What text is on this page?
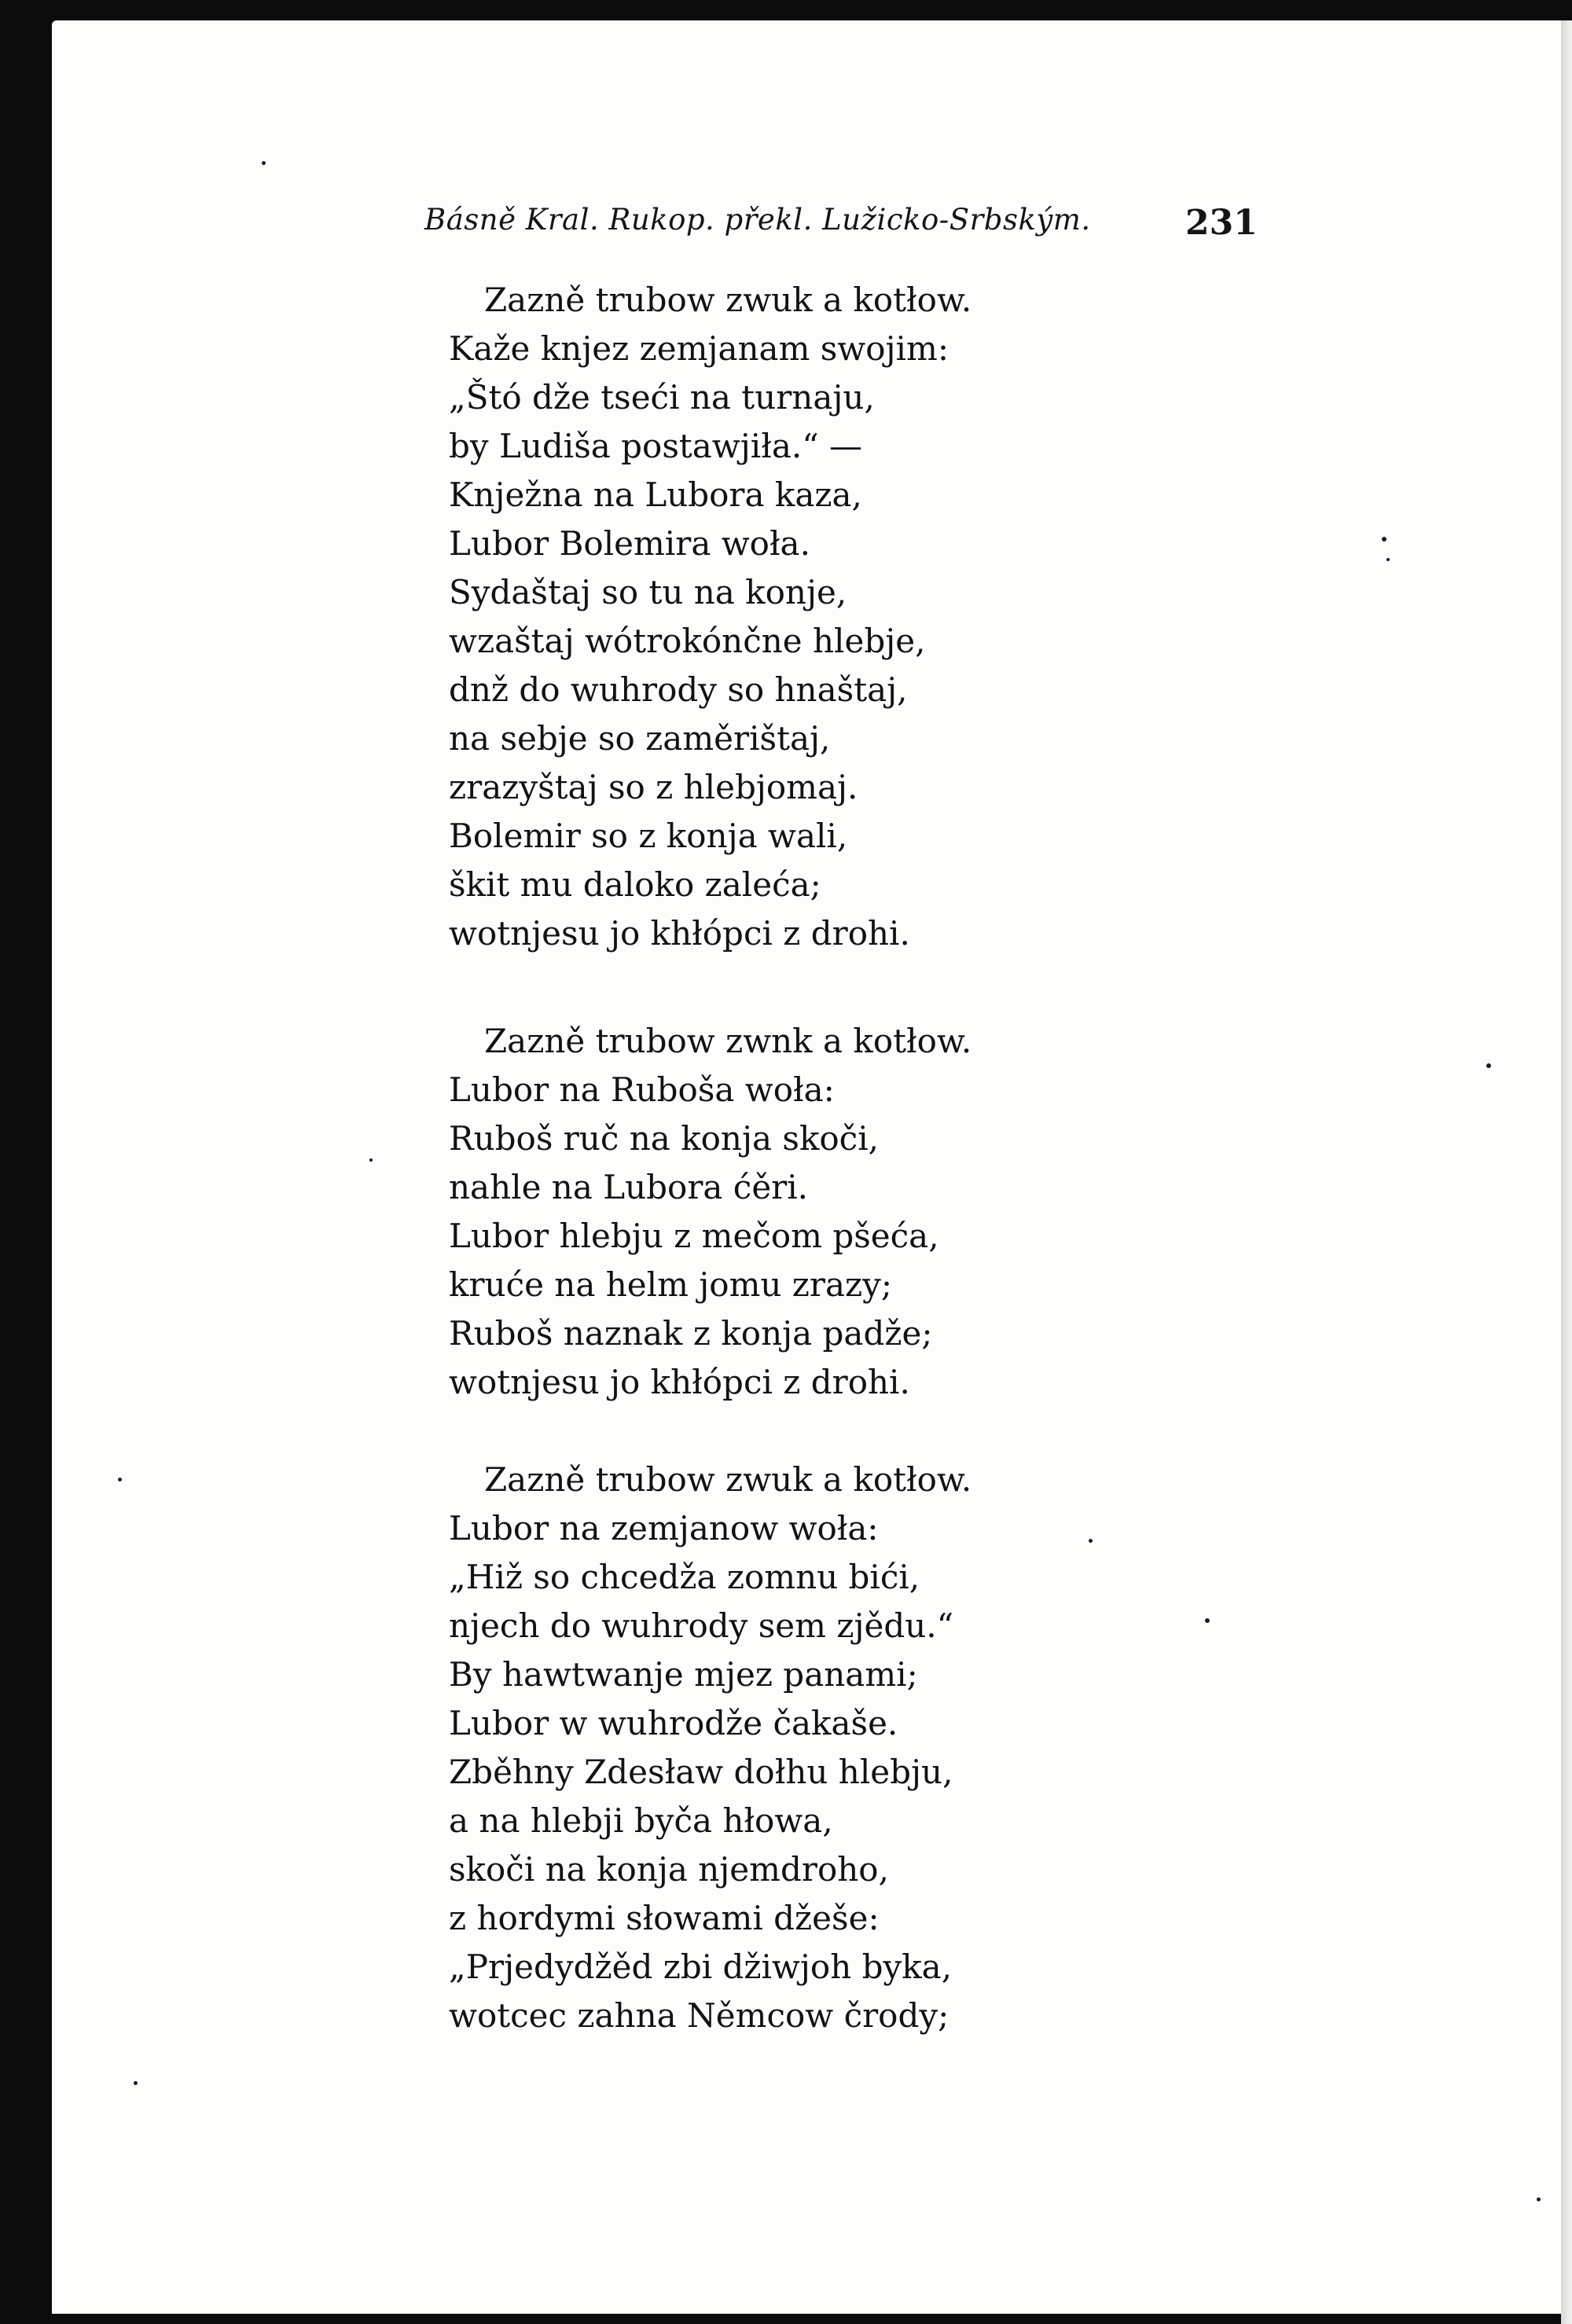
Básně Kral. Rukop. překl. Lužicko-Srbským.	231
Zazně trubow zwuk a kotłow.
Kaže knjez zemjanam swojim:
„Štó dže tseći na turnaju,
by Ludiša postawjiła.“ —
Knježna na Lubora kaza,
Lubor Bolemira woła.
Sydaštaj so tu na konje,
wzaštaj wótrokónčne hlebje,
dnž do wuhrody so hnaštaj,
na sebje so zaměrištaj,
zrazyštaj so z hlebjomaj.
Bolemir so z konja wali,
škit mu daloko zaleća;
wotnjesu jo khłópci z drohi.
Zazně trubow zwnk a kotłow.
Lubor na Ruboša woła:
Ruboš ruč na konja skoči,
nahle na Lubora ćěri.
Lubor hlebju z mečom pšeća,
kruće na helm jomu zrazy;
Ruboš naznak z konja padže;
wotnjesu jo khłópci z drohi.
Zazně trubow zwuk a kotłow.
Lubor na zemjanow woła:
„Hiž so chcedža zomnu bići,
njech do wuhrody sem zjědu.“
By hawtwanje mjez panami;
Lubor w wuhrodže čakaše.
Zběhny Zdesław dołhu hlebju,
a na hlebji byča hłowa,
skoči na konja njemdroho,
z hordymi słowami džeše:
„Prjedydžěd zbi džiwjoh byka,
wotcec zahna Němcow črody;
